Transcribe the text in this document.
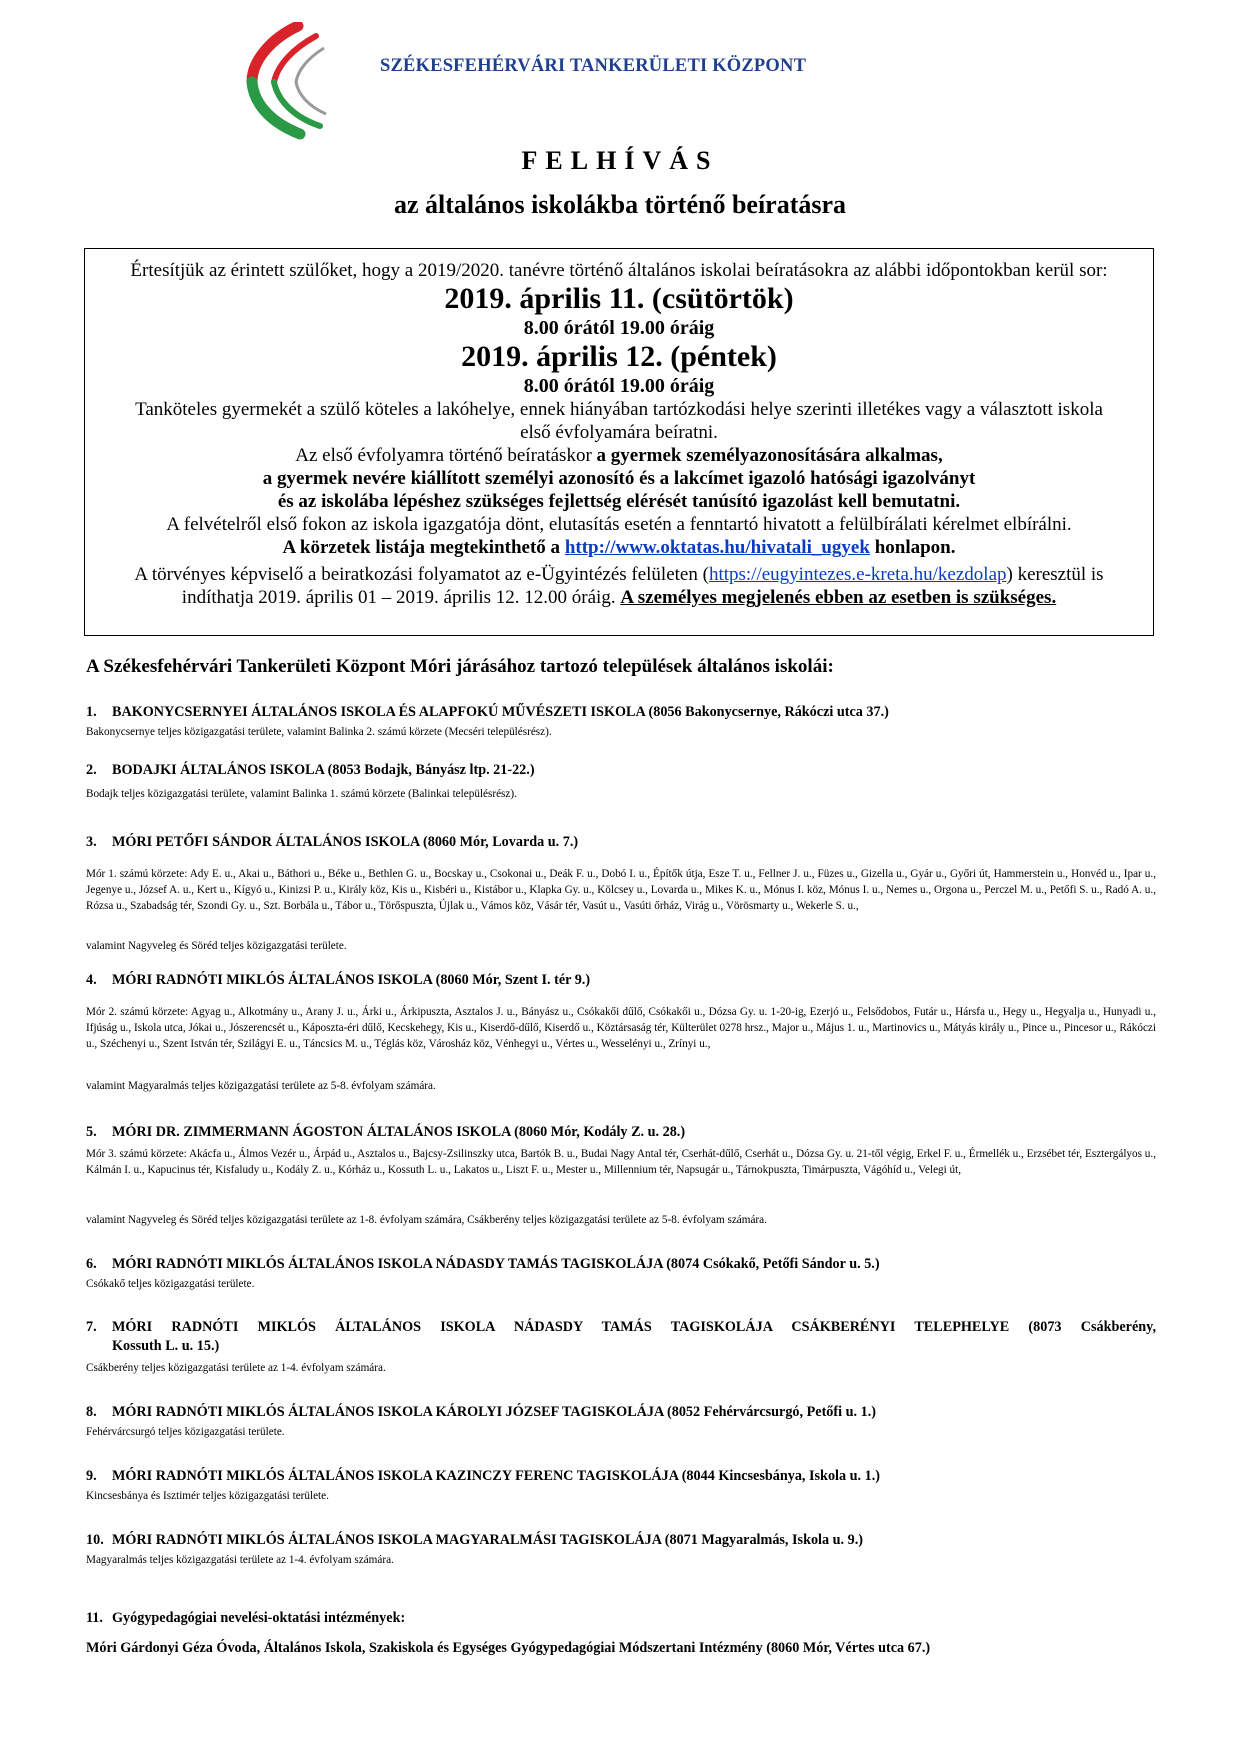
SZÉKESFEHÉRVÁRI TANKERÜLETI KÖZPONT
FELHÍVÁS
az általános iskolákba történő beíratásra
Értesítjük az érintett szülőket, hogy a 2019/2020. tanévre történő általános iskolai beíratásokra az alábbi időpontokban kerül sor:
2019. április 11. (csütörtök)
8.00 órától 19.00 óráig
2019. április 12. (péntek)
8.00 órától 19.00 óráig
Tanköteles gyermekét a szülő köteles a lakóhelye, ennek hiányában tartózkodási helye szerinti illetékes vagy a választott iskola
első évfolyamára beíratni.
Az első évfolyamra történő beíratáskor a gyermek személyazonosítására alkalmas,
a gyermek nevére kiállított személyi azonosító és a lakcímet igazoló hatósági igazolványt
és az iskolába lépéshez szükséges fejlettség elérését tanúsító igazolást kell bemutatni.
A felvételről első fokon az iskola igazgatója dönt, elutasítás esetén a fenntartó hivatott a felülbírálati kérelmet elbírálni.
A körzetek listája megtekinthető a http://www.oktatas.hu/hivatali_ugyek honlapon.
A törvényes képviselő a beiratkozási folyamatot az e-Ügyintézés felületen (https://eugyintezes.e-kreta.hu/kezdolap) keresztül is
indíthatja 2019. április 01 – 2019. április 12. 12.00 óráig. A személyes megjelenés ebben az esetben is szükséges.
A Székesfehérvári Tankerületi Központ Móri járásához tartozó települések általános iskolái:
1. BAKONYCSERNYEI ÁLTALÁNOS ISKOLA ÉS ALAPFOKÚ MŰVÉSZETI ISKOLA (8056 Bakonycsernye, Rákóczi utca 37.)
Bakonycsernye teljes közigazgatási területe, valamint Balinka 2. számú körzete (Mecséri településrész).
2. BODAJKI ÁLTALÁNOS ISKOLA (8053 Bodajk, Bányász ltp. 21-22.)
Bodajk teljes közigazgatási területe, valamint Balinka 1. számú körzete (Balinkai településrész).
3. MÓRI PETŐFI SÁNDOR ÁLTALÁNOS ISKOLA (8060 Mór, Lovarda u. 7.)
Mór 1. számú körzete: Ady E. u., Akai u., Báthori u., Béke u., Bethlen G. u., Bocskay u., Csokonai u., Deák F. u., Dobó I. u., Építők útja, Esze T. u., Fellner J. u., Füzes u., Gizella u., Gyár u., Győri út, Hammerstein u., Honvéd u., Ipar u., Jegenye u., József A. u., Kert u., Kígyó u., Kinizsi P. u., Király köz, Kis u., Kisbéri u., Kistábor u., Klapka Gy. u., Kölcsey u., Lovarda u., Mikes K. u., Mónus I. köz, Mónus I. u., Nemes u., Orgona u., Perczel M. u., Petőfi S. u., Radó A. u., Rózsa u., Szabadság tér, Szondi Gy. u., Szt. Borbála u., Tábor u., Törőspuszta, Újlak u., Vámos köz, Vásár tér, Vasút u., Vasúti őrház, Virág u., Vörösmarty u., Wekerle S. u.,
valamint Nagyveleg és Söréd teljes közigazgatási területe.
4. MÓRI RADNÓTI MIKLÓS ÁLTALÁNOS ISKOLA (8060 Mór, Szent I. tér 9.)
Mór 2. számú körzete: Agyag u., Alkotmány u., Arany J. u., Árki u., Árkipuszta, Asztalos J. u., Bányász u., Csókakői dűlő, Csókakői u., Dózsa Gy. u. 1-20-ig, Ezerjó u., Felsődobos, Futár u., Hársfa u., Hegy u., Hegyalja u., Hunyadi u., Ifjúság u., Iskola utca, Jókai u., Jószerencsét u., Káposzta-éri dűlő, Kecskehegy, Kis u., Kiserdő-dűlő, Kiserdő u., Köztársaság tér, Külterület 0278 hrsz., Major u., Május 1. u., Martinovics u., Mátyás király u., Pince u., Pincesor u., Rákóczi u., Széchenyi u., Szent István tér, Szilágyi E. u., Táncsics M. u., Téglás köz, Városház köz, Vénhegyi u., Vértes u., Wesselényi u., Zrínyi u.,
valamint Magyaralmás teljes közigazgatási területe az 5-8. évfolyam számára.
5. MÓRI DR. ZIMMERMANN ÁGOSTON ÁLTALÁNOS ISKOLA (8060 Mór, Kodály Z. u. 28.)
Mór 3. számú körzete: Akácfa u., Álmos Vezér u., Árpád u., Asztalos u., Bajcsy-Zsilinszky utca, Bartók B. u., Budai Nagy Antal tér, Cserhát-dűlő, Cserhát u., Dózsa Gy. u. 21-től végig, Erkel F. u., Érmellék u., Erzsébet tér, Esztergályos u., Kálmán I. u., Kapucinus tér, Kisfaludy u., Kodály Z. u., Kórház u., Kossuth L. u., Lakatos u., Liszt F. u., Mester u., Millennium tér, Napsugár u., Tárnokpuszta, Timárpuszta, Vágóhíd u., Velegi út,
valamint Nagyveleg és Söréd teljes közigazgatási területe az 1-8. évfolyam számára, Csákberény teljes közigazgatási területe az 5-8. évfolyam számára.
6. MÓRI RADNÓTI MIKLÓS ÁLTALÁNOS ISKOLA NÁDASDY TAMÁS TAGISKOLÁJA (8074 Csókakő, Petőfi Sándor u. 5.)
Csókakő teljes közigazgatási területe.
7. MÓRI RADNÓTI MIKLÓS ÁLTALÁNOS ISKOLA NÁDASDY TAMÁS TAGISKOLÁJA CSÁKBERÉNYI TELEPHELYE (8073 Csákberény,
Kossuth L. u. 15.)
Csákberény teljes közigazgatási területe az 1-4. évfolyam számára.
8. MÓRI RADNÓTI MIKLÓS ÁLTALÁNOS ISKOLA KÁROLYI JÓZSEF TAGISKOLÁJA (8052 Fehérvárcsurgó, Petőfi u. 1.)
Fehérvárcsurgó teljes közigazgatási területe.
9. MÓRI RADNÓTI MIKLÓS ÁLTALÁNOS ISKOLA KAZINCZY FERENC TAGISKOLÁJA (8044 Kincsesbánya, Iskola u. 1.)
Kincsesbánya és Isztimér teljes közigazgatási területe.
10. MÓRI RADNÓTI MIKLÓS ÁLTALÁNOS ISKOLA MAGYARALMÁSI TAGISKOLÁJA (8071 Magyaralmás, Iskola u. 9.)
Magyaralmás teljes közigazgatási területe az 1-4. évfolyam számára.
11. Gyógypedagógiai nevelési-oktatási intézmények:
Móri Gárdonyi Géza Óvoda, Általános Iskola, Szakiskola és Egységes Gyógypedagógiai Módszertani Intézmény (8060 Mór, Vértes utca 67.)
